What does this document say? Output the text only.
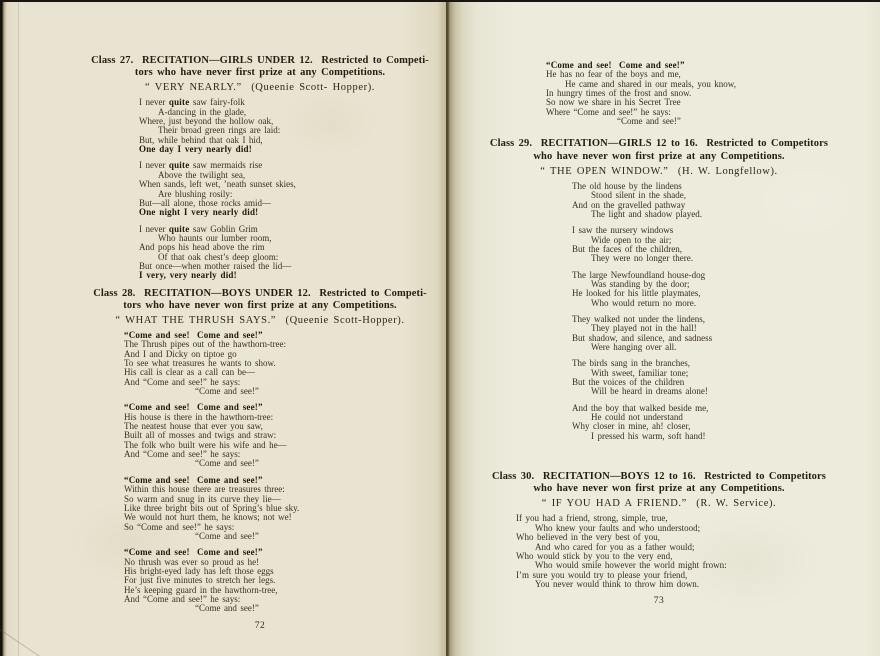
Class 27.  RECITATION—GIRLS UNDER 12.  Restricted to Competi-
tors who have never first prize at any Competitions.
“ VERY NEARLY.”  (Queenie Scott- Hopper).
I never quite saw fairy-folk
A-dancing in the glade,
Where, just beyond the hollow oak,
Their broad green rings are laid:
But, while behind that oak I hid,
One day I very nearly did!
I never quite saw mermaids rise
Above the twilight sea,
When sands, left wet, ’neath sunset skies,
Are blushing rosily:
But—all alone, those rocks amid—
One night I very nearly did!
I never quite saw Goblin Grim
Who haunts our lumber room,
And pops his head above the rim
Of that oak chest’s deep gloom:
But once—when mother raised the lid—
I very, very nearly did!
Class 28.  RECITATION—BOYS UNDER 12.  Restricted to Competi-
tors who have never won first prize at any Competitions.
“ WHAT THE THRUSH SAYS.”  (Queenie Scott-Hopper).
“Come and see!  Come and see!”
The Thrush pipes out of the hawthorn-tree:
And I and Dicky on tiptoe go
To see what treasures he wants to show.
His call is clear as a call can be—
And “Come and see!” he says:
“Come and see!”
“Come and see!  Come and see!”
His house is there in the hawthorn-tree:
The neatest house that ever you saw,
Built all of mosses and twigs and straw:
The folk who built were his wife and he—
And “Come and see!” he says:
“Come and see!”
“Come and see!  Come and see!”
Within this house there are treasures three:
So warm and snug in its curve they lie—
Like three bright bits out of Spring’s blue sky.
We would not hurt them, he knows; not we!
So “Come and see!” he says:
“Come and see!”
“Come and see!  Come and see!”
No thrush was ever so proud as he!
His bright-eyed lady has left those eggs
For just five minutes to stretch her legs.
He’s keeping guard in the hawthorn-tree,
And “Come and see!” he says:
“Come and see!”
72
“Come and see!  Come and see!”
He has no fear of the boys and me,
He came and shared in our meals, you know,
In hungry times of the frost and snow.
So now we share in his Secret Tree
Where “Come and see!” he says:
“Come and see!”
Class 29.  RECITATION—GIRLS 12 to 16.  Restricted to Competitors
who have never won first prize at any Competitions.
“ THE OPEN WINDOW.”  (H. W. Longfellow).
The old house by the lindens
Stood silent in the shade,
And on the gravelled pathway
The light and shadow played.
I saw the nursery windows
Wide open to the air;
But the faces of the children,
They were no longer there.
The large Newfoundland house-dog
Was standing by the door;
He looked for his little playmates,
Who would return no more.
They walked not under the lindens,
They played not in the hall!
But shadow, and silence, and sadness
Were hanging over all.
The birds sang in the branches,
With sweet, familiar tone;
But the voices of the children
Will be heard in dreams alone!
And the boy that walked beside me,
He could not understand
Why closer in mine, ah! closer,
I pressed his warm, soft hand!
Class 30.  RECITATION—BOYS 12 to 16.  Restricted to Competitors
who have never won first prize at any Competitions.
“ IF YOU HAD A FRIEND.”  (R. W. Service).
If you had a friend, strong, simple, true,
Who knew your faults and who understood;
Who believed in the very best of you,
And who cared for you as a father would;
Who would stick by you to the very end,
Who would smile however the world might frown:
I’m sure you would try to please your friend,
You never would think to throw him down.
73
